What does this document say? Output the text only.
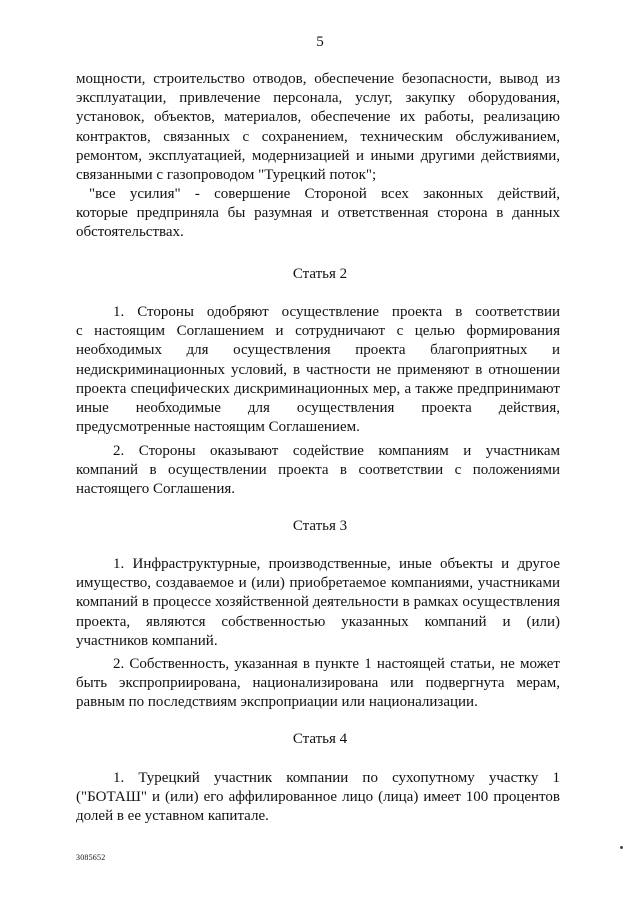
5
мощности, строительство отводов, обеспечение безопасности, вывод из
эксплуатации, привлечение персонала, услуг, закупку оборудования,
установок, объектов, материалов, обеспечение их работы, реализацию
контрактов, связанных с сохранением, техническим обслуживанием,
ремонтом, эксплуатацией, модернизацией и иными другими действиями,
связанными с газопроводом "Турецкий поток";
"все усилия" - совершение Стороной всех законных действий,
которые предприняла бы разумная и ответственная сторона в данных
обстоятельствах.
Статья 2
1. Стороны одобряют осуществление проекта в соответствии
с настоящим Соглашением и сотрудничают с целью формирования
необходимых для осуществления проекта благоприятных и
недискриминационных условий, в частности не применяют в отношении
проекта специфических дискриминационных мер, а также предпринимают
иные необходимые для осуществления проекта действия,
предусмотренные настоящим Соглашением.
2. Стороны оказывают содействие компаниям и участникам
компаний в осуществлении проекта в соответствии с положениями
настоящего Соглашения.
Статья 3
1. Инфраструктурные, производственные, иные объекты и другое
имущество, создаваемое и (или) приобретаемое компаниями, участниками
компаний в процессе хозяйственной деятельности в рамках осуществления
проекта, являются собственностью указанных компаний и (или)
участников компаний.
2. Собственность, указанная в пункте 1 настоящей статьи, не может
быть экспроприирована, национализирована или подвергнута мерам,
равным по последствиям экспроприации или национализации.
Статья 4
1. Турецкий участник компании по сухопутному участку 1
("БОТАШ" и (или) его аффилированное лицо (лица) имеет 100 процентов
долей в ее уставном капитале.
3085652
